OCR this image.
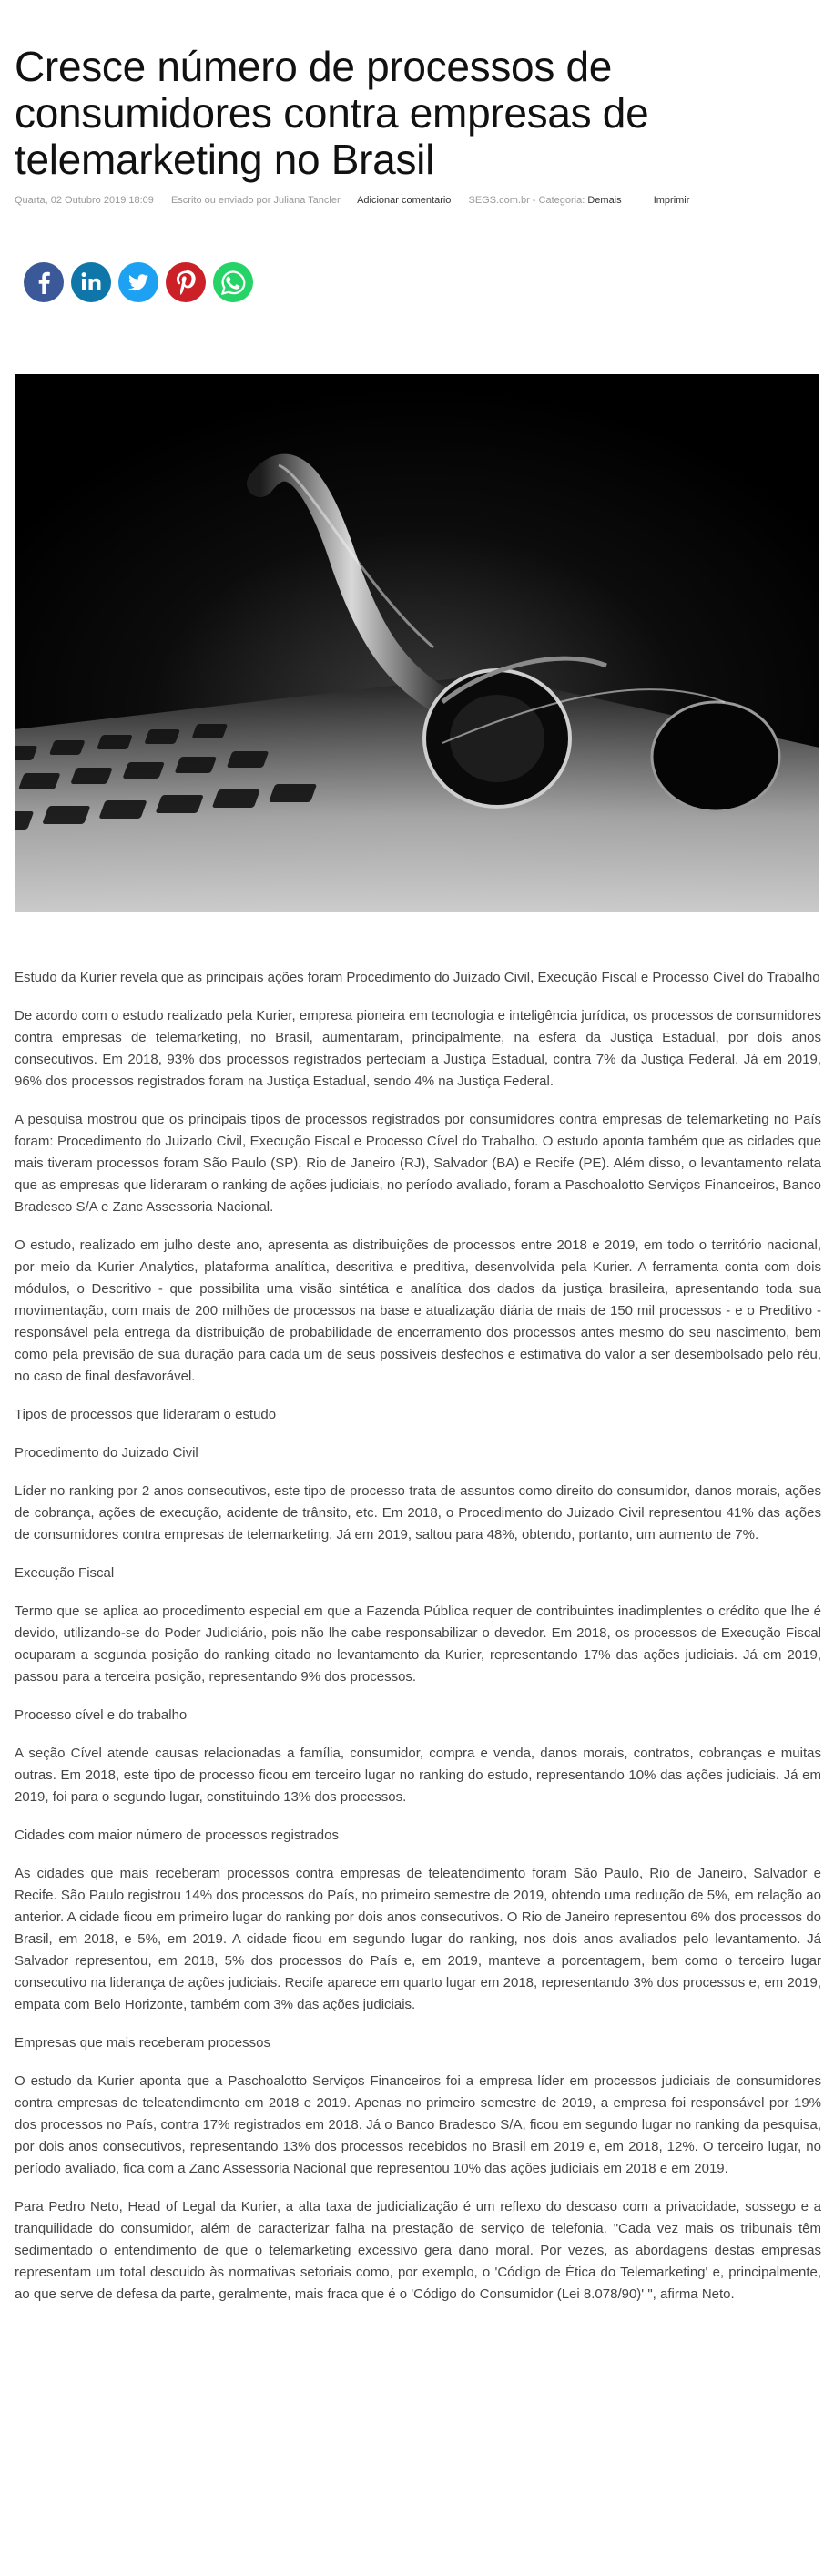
Cresce número de processos de consumidores contra empresas de telemarketing no Brasil
Quarta, 02 Outubro 2019 18:09 Escrito ou enviado por Juliana Tancler Adicionar comentario SEGS.com.br - Categoria: Demais	Imprimir

Estudo da Kurier revela que as principais ações foram Procedimento do Juizado Civil, Execução Fiscal e Processo Cível do Trabalho

De acordo com o estudo realizado pela Kurier, empresa pioneira em tecnologia e inteligência jurídica, os processos de consumidores contra empresas de telemarketing, no Brasil, aumentaram, principalmente, na esfera da Justiça Estadual, por dois anos consecutivos. Em 2018, 93% dos processos registrados perteciam a Justiça Estadual, contra 7% da Justiça Federal. Já em 2019, 96% dos processos registrados foram na Justiça Estadual, sendo 4% na Justiça Federal.

A pesquisa mostrou que os principais tipos de processos registrados por consumidores contra empresas de telemarketing no País foram: Procedimento do Juizado Civil, Execução Fiscal e Processo Cível do Trabalho. O estudo aponta também que as cidades que mais tiveram processos foram São Paulo (SP), Rio de Janeiro (RJ), Salvador (BA) e Recife (PE). Além disso, o levantamento relata que as empresas que lideraram o ranking de ações judiciais, no período avaliado, foram a Paschoalotto Serviços Financeiros, Banco Bradesco S/A e Zanc Assessoria Nacional.

O estudo, realizado em julho deste ano, apresenta as distribuições de processos entre 2018 e 2019, em todo o território nacional, por meio da Kurier Analytics, plataforma analítica, descritiva e preditiva, desenvolvida pela Kurier. A ferramenta conta com dois módulos, o Descritivo - que possibilita uma visão sintética e analítica dos dados da justiça brasileira, apresentando toda sua movimentação, com mais de 200 milhões de processos na base e atualização diária de mais de 150 mil processos - e o Preditivo - responsável pela entrega da distribuição de probabilidade de encerramento dos processos antes mesmo do seu nascimento, bem como pela previsão de sua duração para cada um de seus possíveis desfechos e estimativa do valor a ser desembolsado pelo réu, no caso de final desfavorável.

Tipos de processos que lideraram o estudo

Procedimento do Juizado Civil

Líder no ranking por 2 anos consecutivos, este tipo de processo trata de assuntos como direito do consumidor, danos morais, ações de cobrança, ações de execução, acidente de trânsito, etc. Em 2018, o Procedimento do Juizado Civil representou 41% das ações de consumidores contra empresas de telemarketing. Já em 2019, saltou para 48%, obtendo, portanto, um aumento de 7%.

Execução Fiscal

Termo que se aplica ao procedimento especial em que a Fazenda Pública requer de contribuintes inadimplentes o crédito que lhe é devido, utilizando-se do Poder Judiciário, pois não lhe cabe responsabilizar o devedor. Em 2018, os processos de Execução Fiscal ocuparam a segunda posição do ranking citado no levantamento da Kurier, representando 17% das ações judiciais. Já em 2019, passou para a terceira posição, representando 9% dos processos.

Processo cível e do trabalho

A seção Cível atende causas relacionadas a família, consumidor, compra e venda, danos morais, contratos, cobranças e muitas outras. Em 2018, este tipo de processo ficou em terceiro lugar no ranking do estudo, representando 10% das ações judiciais. Já em 2019, foi para o segundo lugar, constituindo 13% dos processos.

Cidades com maior número de processos registrados

As cidades que mais receberam processos contra empresas de teleatendimento foram São Paulo, Rio de Janeiro, Salvador e Recife. São Paulo registrou 14% dos processos do País, no primeiro semestre de 2019, obtendo uma redução de 5%, em relação ao anterior. A cidade ficou em primeiro lugar do ranking por dois anos consecutivos. O Rio de Janeiro representou 6% dos processos do Brasil, em 2018, e 5%, em 2019. A cidade ficou em segundo lugar do ranking, nos dois anos avaliados pelo levantamento. Já Salvador representou, em 2018, 5% dos processos do País e, em 2019, manteve a porcentagem, bem como o terceiro lugar consecutivo na liderança de ações judiciais. Recife aparece em quarto lugar em 2018, representando 3% dos processos e, em 2019, empata com Belo Horizonte, também com 3% das ações judiciais.

Empresas que mais receberam processos

O estudo da Kurier aponta que a Paschoalotto Serviços Financeiros foi a empresa líder em processos judiciais de consumidores contra empresas de teleatendimento em 2018 e 2019. Apenas no primeiro semestre de 2019, a empresa foi responsável por 19% dos processos no País, contra 17% registrados em 2018. Já o Banco Bradesco S/A, ficou em segundo lugar no ranking da pesquisa, por dois anos consecutivos, representando 13% dos processos recebidos no Brasil em 2019 e, em 2018, 12%. O terceiro lugar, no período avaliado, fica com a Zanc Assessoria Nacional que representou 10% das ações judiciais em 2018 e em 2019.

Para Pedro Neto, Head of Legal da Kurier, a alta taxa de judicialização é um reflexo do descaso com a privacidade, sossego e a tranquilidade do consumidor, além de caracterizar falha na prestação de serviço de telefonia. "Cada vez mais os tribunais têm sedimentado o entendimento de que o telemarketing excessivo gera dano moral. Por vezes, as abordagens destas empresas representam um total descuido às normativas setoriais como, por exemplo, o 'Código de Ética do Telemarketing' e, principalmente, ao que serve de defesa da parte, geralmente, mais fraca que é o 'Código do Consumidor (Lei 8.078/90)' ", afirma Neto.
